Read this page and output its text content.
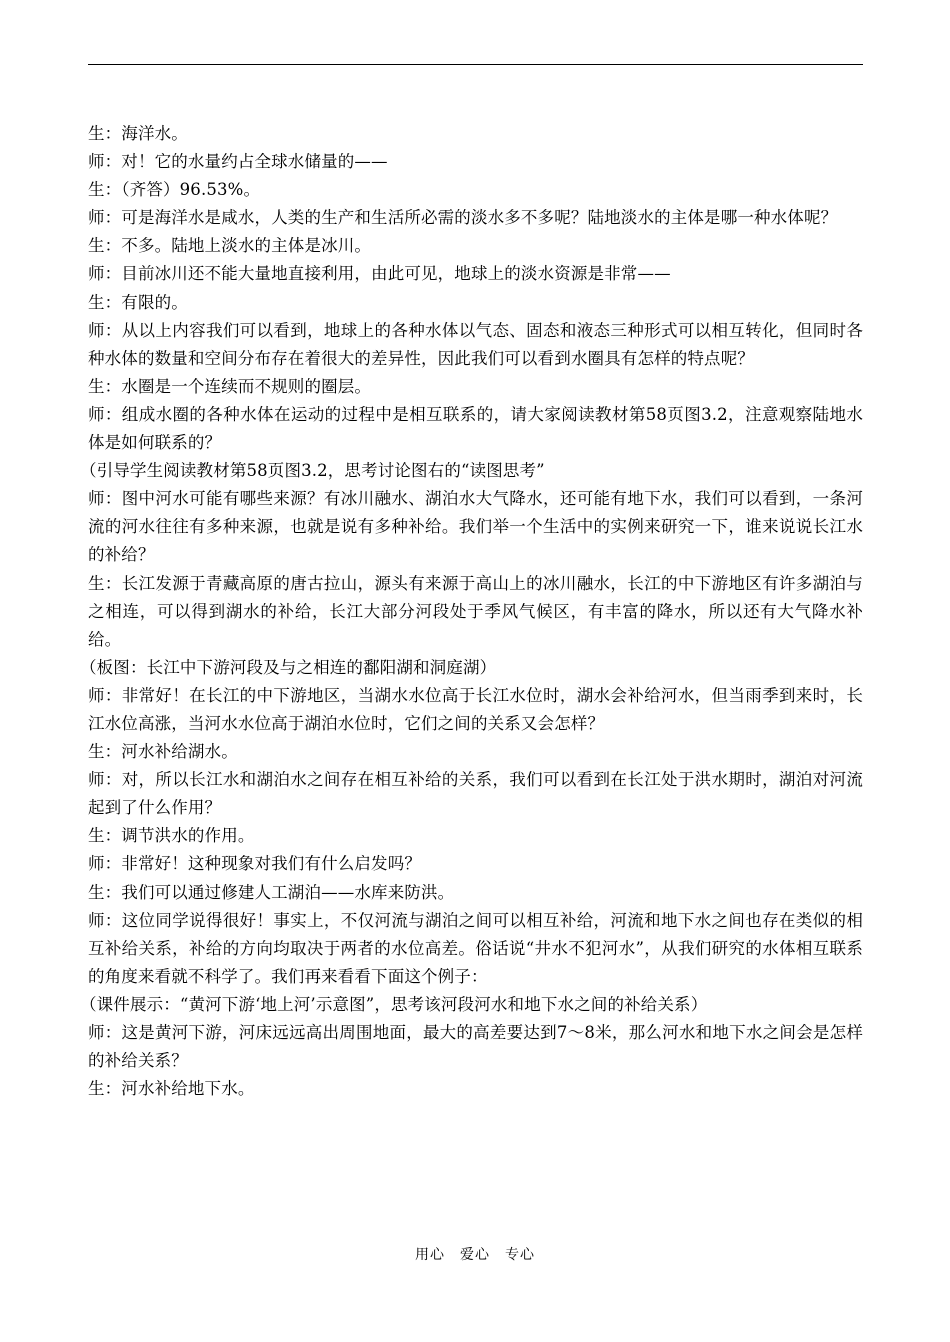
生：海洋水。

师：对！它的水量约占全球水储量的——

生：（齐答）96.53%。

师：可是海洋水是咸水，人类的生产和生活所必需的淡水多不多呢？陆地淡水的主体是哪一种水体呢？

生：不多。陆地上淡水的主体是冰川。

师：目前冰川还不能大量地直接利用，由此可见，地球上的淡水资源是非常——

生：有限的。

师：从以上内容我们可以看到，地球上的各种水体以气态、固态和液态三种形式可以相互转化，但同时各种水体的数量和空间分布存在着很大的差异性，因此我们可以看到水圈具有怎样的特点呢？

生：水圈是一个连续而不规则的圈层。

师：组成水圈的各种水体在运动的过程中是相互联系的，请大家阅读教材第58页图3.2，注意观察陆地水体是如何联系的？

（引导学生阅读教材第58页图3.2，思考讨论图右的“读图思考”

师：图中河水可能有哪些来源？有冰川融水、湖泊水大气降水，还可能有地下水，我们可以看到，一条河流的河水往往有多种来源，也就是说有多种补给。我们举一个生活中的实例来研究一下，谁来说说长江水的补给？

生：长江发源于青藏高原的唐古拉山，源头有来源于高山上的冰川融水，长江的中下游地区有许多湖泊与之相连，可以得到湖水的补给，长江大部分河段处于季风气候区，有丰富的降水，所以还有大气降水补给。

（板图：长江中下游河段及与之相连的鄱阳湖和洞庭湖）

师：非常好！在长江的中下游地区，当湖水水位高于长江水位时，湖水会补给河水，但当雨季到来时，长江水位高涨，当河水水位高于湖泊水位时，它们之间的关系又会怎样？

生：河水补给湖水。

师：对，所以长江水和湖泊水之间存在相互补给的关系，我们可以看到在长江处于洪水期时，湖泊对河流起到了什么作用？

生：调节洪水的作用。

师：非常好！这种现象对我们有什么启发吗？

生：我们可以通过修建人工湖泊——水库来防洪。

师：这位同学说得很好！事实上，不仅河流与湖泊之间可以相互补给，河流和地下水之间也存在类似的相互补给关系，补给的方向均取决于两者的水位高差。俗话说“井水不犯河水”，从我们研究的水体相互联系的角度来看就不科学了。我们再来看看下面这个例子：

（课件展示：“黄河下游‘地上河’示意图”，思考该河段河水和地下水之间的补给关系）

师：这是黄河下游，河床远远高出周围地面，最大的高差要达到7～8米，那么河水和地下水之间会是怎样的补给关系？

生：河水补给地下水。

用心　爱心　专心
